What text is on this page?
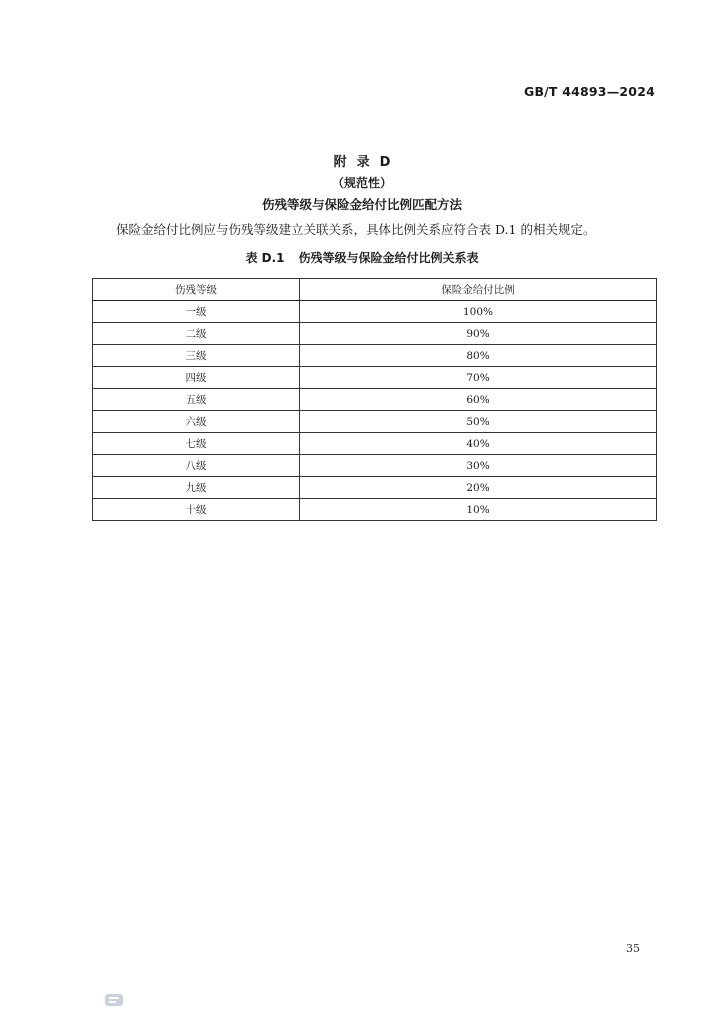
GB/T 44893—2024
附录D
（规范性）
伤残等级与保险金给付比例匹配方法
保险金给付比例应与伤残等级建立关联关系，具体比例关系应符合表 D.1 的相关规定。
表 D.1 伤残等级与保险金给付比例关系表
伤残等级	保险金给付比例
一级	100%
二级	90%
三级	80%
四级	70%
五级	60%
六级	50%
七级	40%
八级	30%
九级	20%
十级	10%
35
